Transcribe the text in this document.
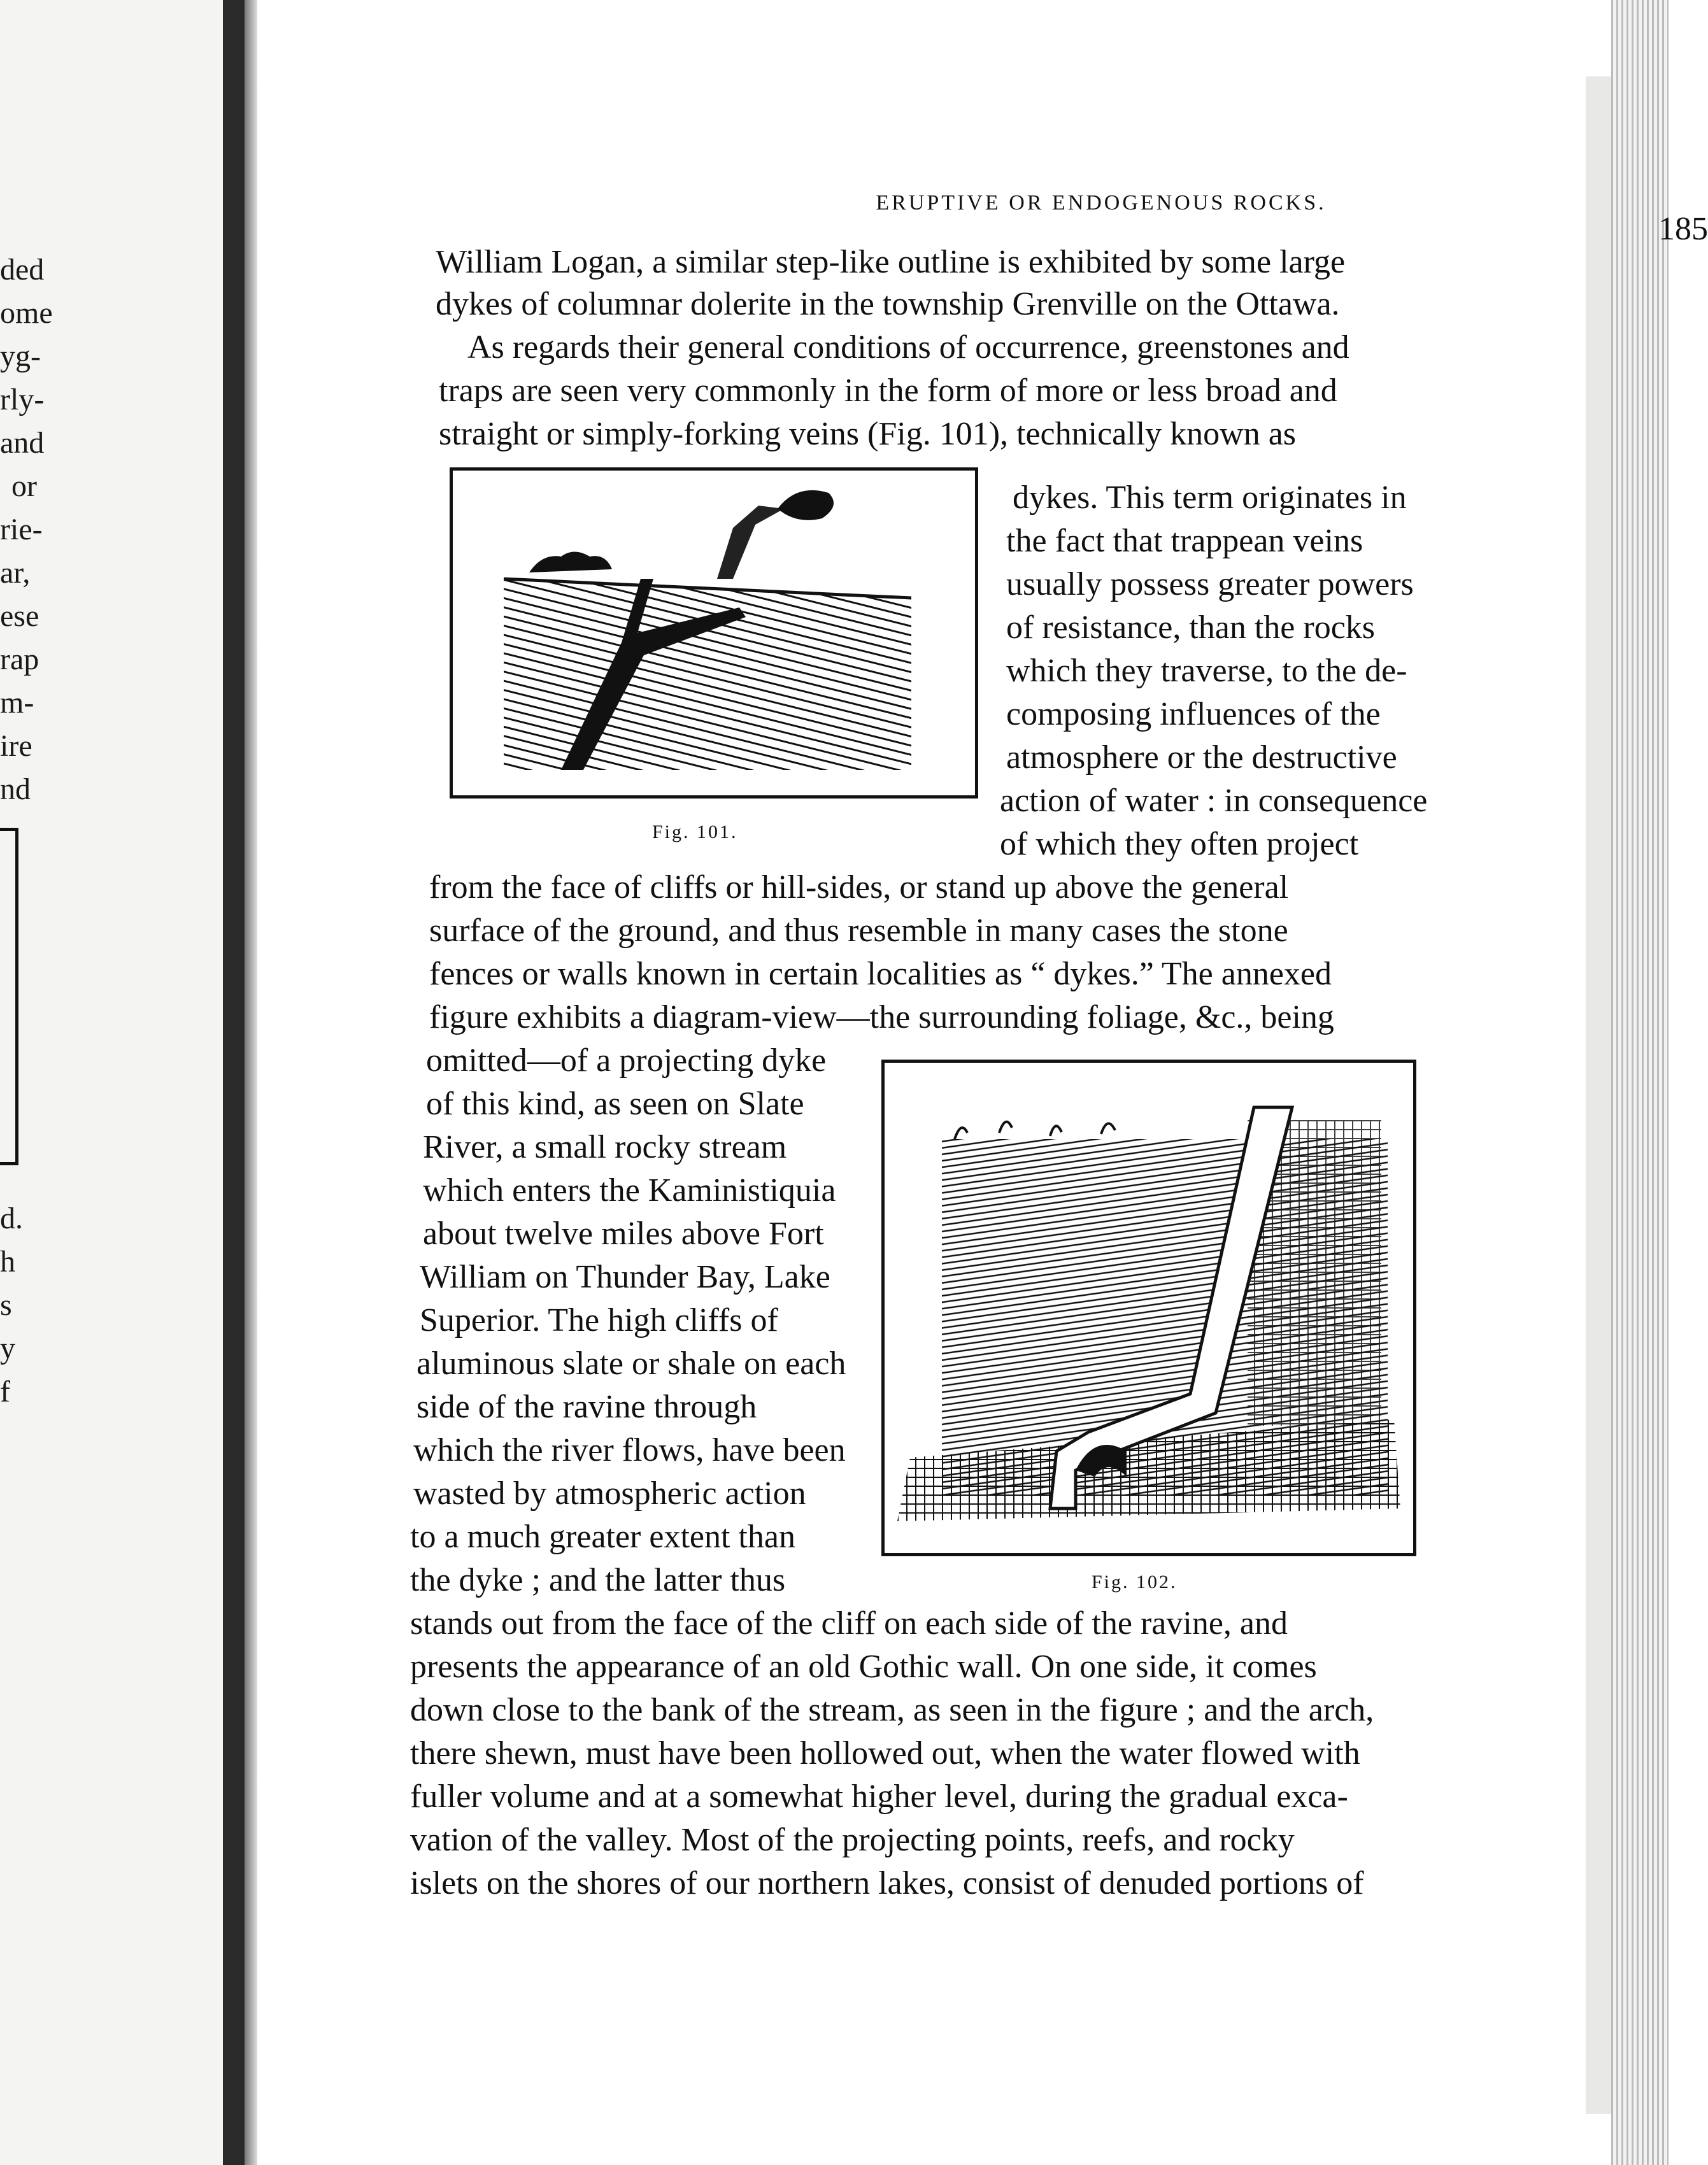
ded
ome
yg-
rly-
and
or
rie-
ar,
ese
rap
m-
ire
nd
d.
h
s
y
f
ERUPTIVE OR ENDOGENOUS ROCKS.
185
William Logan, a similar step-like outline is exhibited by some large
dykes of columnar dolerite in the township Grenville on the Ottawa.
As regards their general conditions of occurrence, greenstones and
traps are seen very commonly in the form of more or less broad and
straight or simply-forking veins (Fig. 101), technically known as
Fig. 101.
dykes. This term originates in
the fact that trappean veins
usually possess greater powers
of resistance, than the rocks
which they traverse, to the de-
composing influences of the
atmosphere or the destructive
action of water : in consequence
of which they often project
from the face of cliffs or hill-sides, or stand up above the general
surface of the ground, and thus resemble in many cases the stone
fences or walls known in certain localities as “ dykes.” The annexed
figure exhibits a diagram-view—the surrounding foliage, &c., being
omitted—of a projecting dyke
of this kind, as seen on Slate
River, a small rocky stream
which enters the Kaministiquia
about twelve miles above Fort
William on Thunder Bay, Lake
Superior. The high cliffs of
aluminous slate or shale on each
side of the ravine through
which the river flows, have been
wasted by atmospheric action
to a much greater extent than
the dyke ; and the latter thus	Fig. 102.
stands out from the face of the cliff on each side of the ravine, and
presents the appearance of an old Gothic wall. On one side, it comes
down close to the bank of the stream, as seen in the figure ; and the arch,
there shewn, must have been hollowed out, when the water flowed with
fuller volume and at a somewhat higher level, during the gradual exca-
vation of the valley. Most of the projecting points, reefs, and rocky
islets on the shores of our northern lakes, consist of denuded portions of
